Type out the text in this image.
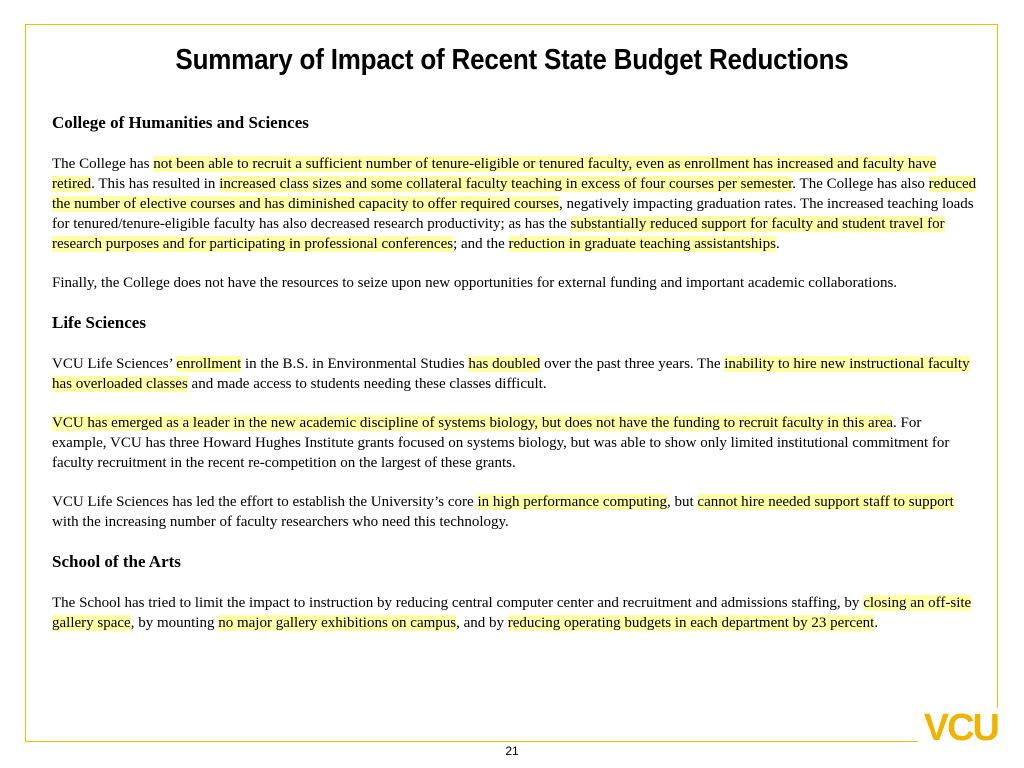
Summary of Impact of Recent State Budget Reductions
College of Humanities and Sciences

The College has not been able to recruit a sufficient number of tenure-eligible or tenured faculty, even as enrollment has increased and faculty have retired. This has resulted in increased class sizes and some collateral faculty teaching in excess of four courses per semester. The College has also reduced the number of elective courses and has diminished capacity to offer required courses, negatively impacting graduation rates. The increased teaching loads for tenured/tenure-eligible faculty has also decreased research productivity; as has the substantially reduced support for faculty and student travel for research purposes and for participating in professional conferences; and the reduction in graduate teaching assistantships.

Finally, the College does not have the resources to seize upon new opportunities for external funding and important academic collaborations.

Life Sciences

VCU Life Sciences’ enrollment in the B.S. in Environmental Studies has doubled over the past three years. The inability to hire new instructional faculty has overloaded classes and made access to students needing these classes difficult.

VCU has emerged as a leader in the new academic discipline of systems biology, but does not have the funding to recruit faculty in this area. For example, VCU has three Howard Hughes Institute grants focused on systems biology, but was able to show only limited institutional commitment for faculty recruitment in the recent re-competition on the largest of these grants.

VCU Life Sciences has led the effort to establish the University’s core in high performance computing, but cannot hire needed support staff to support with the increasing number of faculty researchers who need this technology.

School of the Arts

The School has tried to limit the impact to instruction by reducing central computer center and recruitment and admissions staffing, by closing an off-site gallery space, by mounting no major gallery exhibitions on campus, and by reducing operating budgets in each department by 23 percent.

21
VCU
